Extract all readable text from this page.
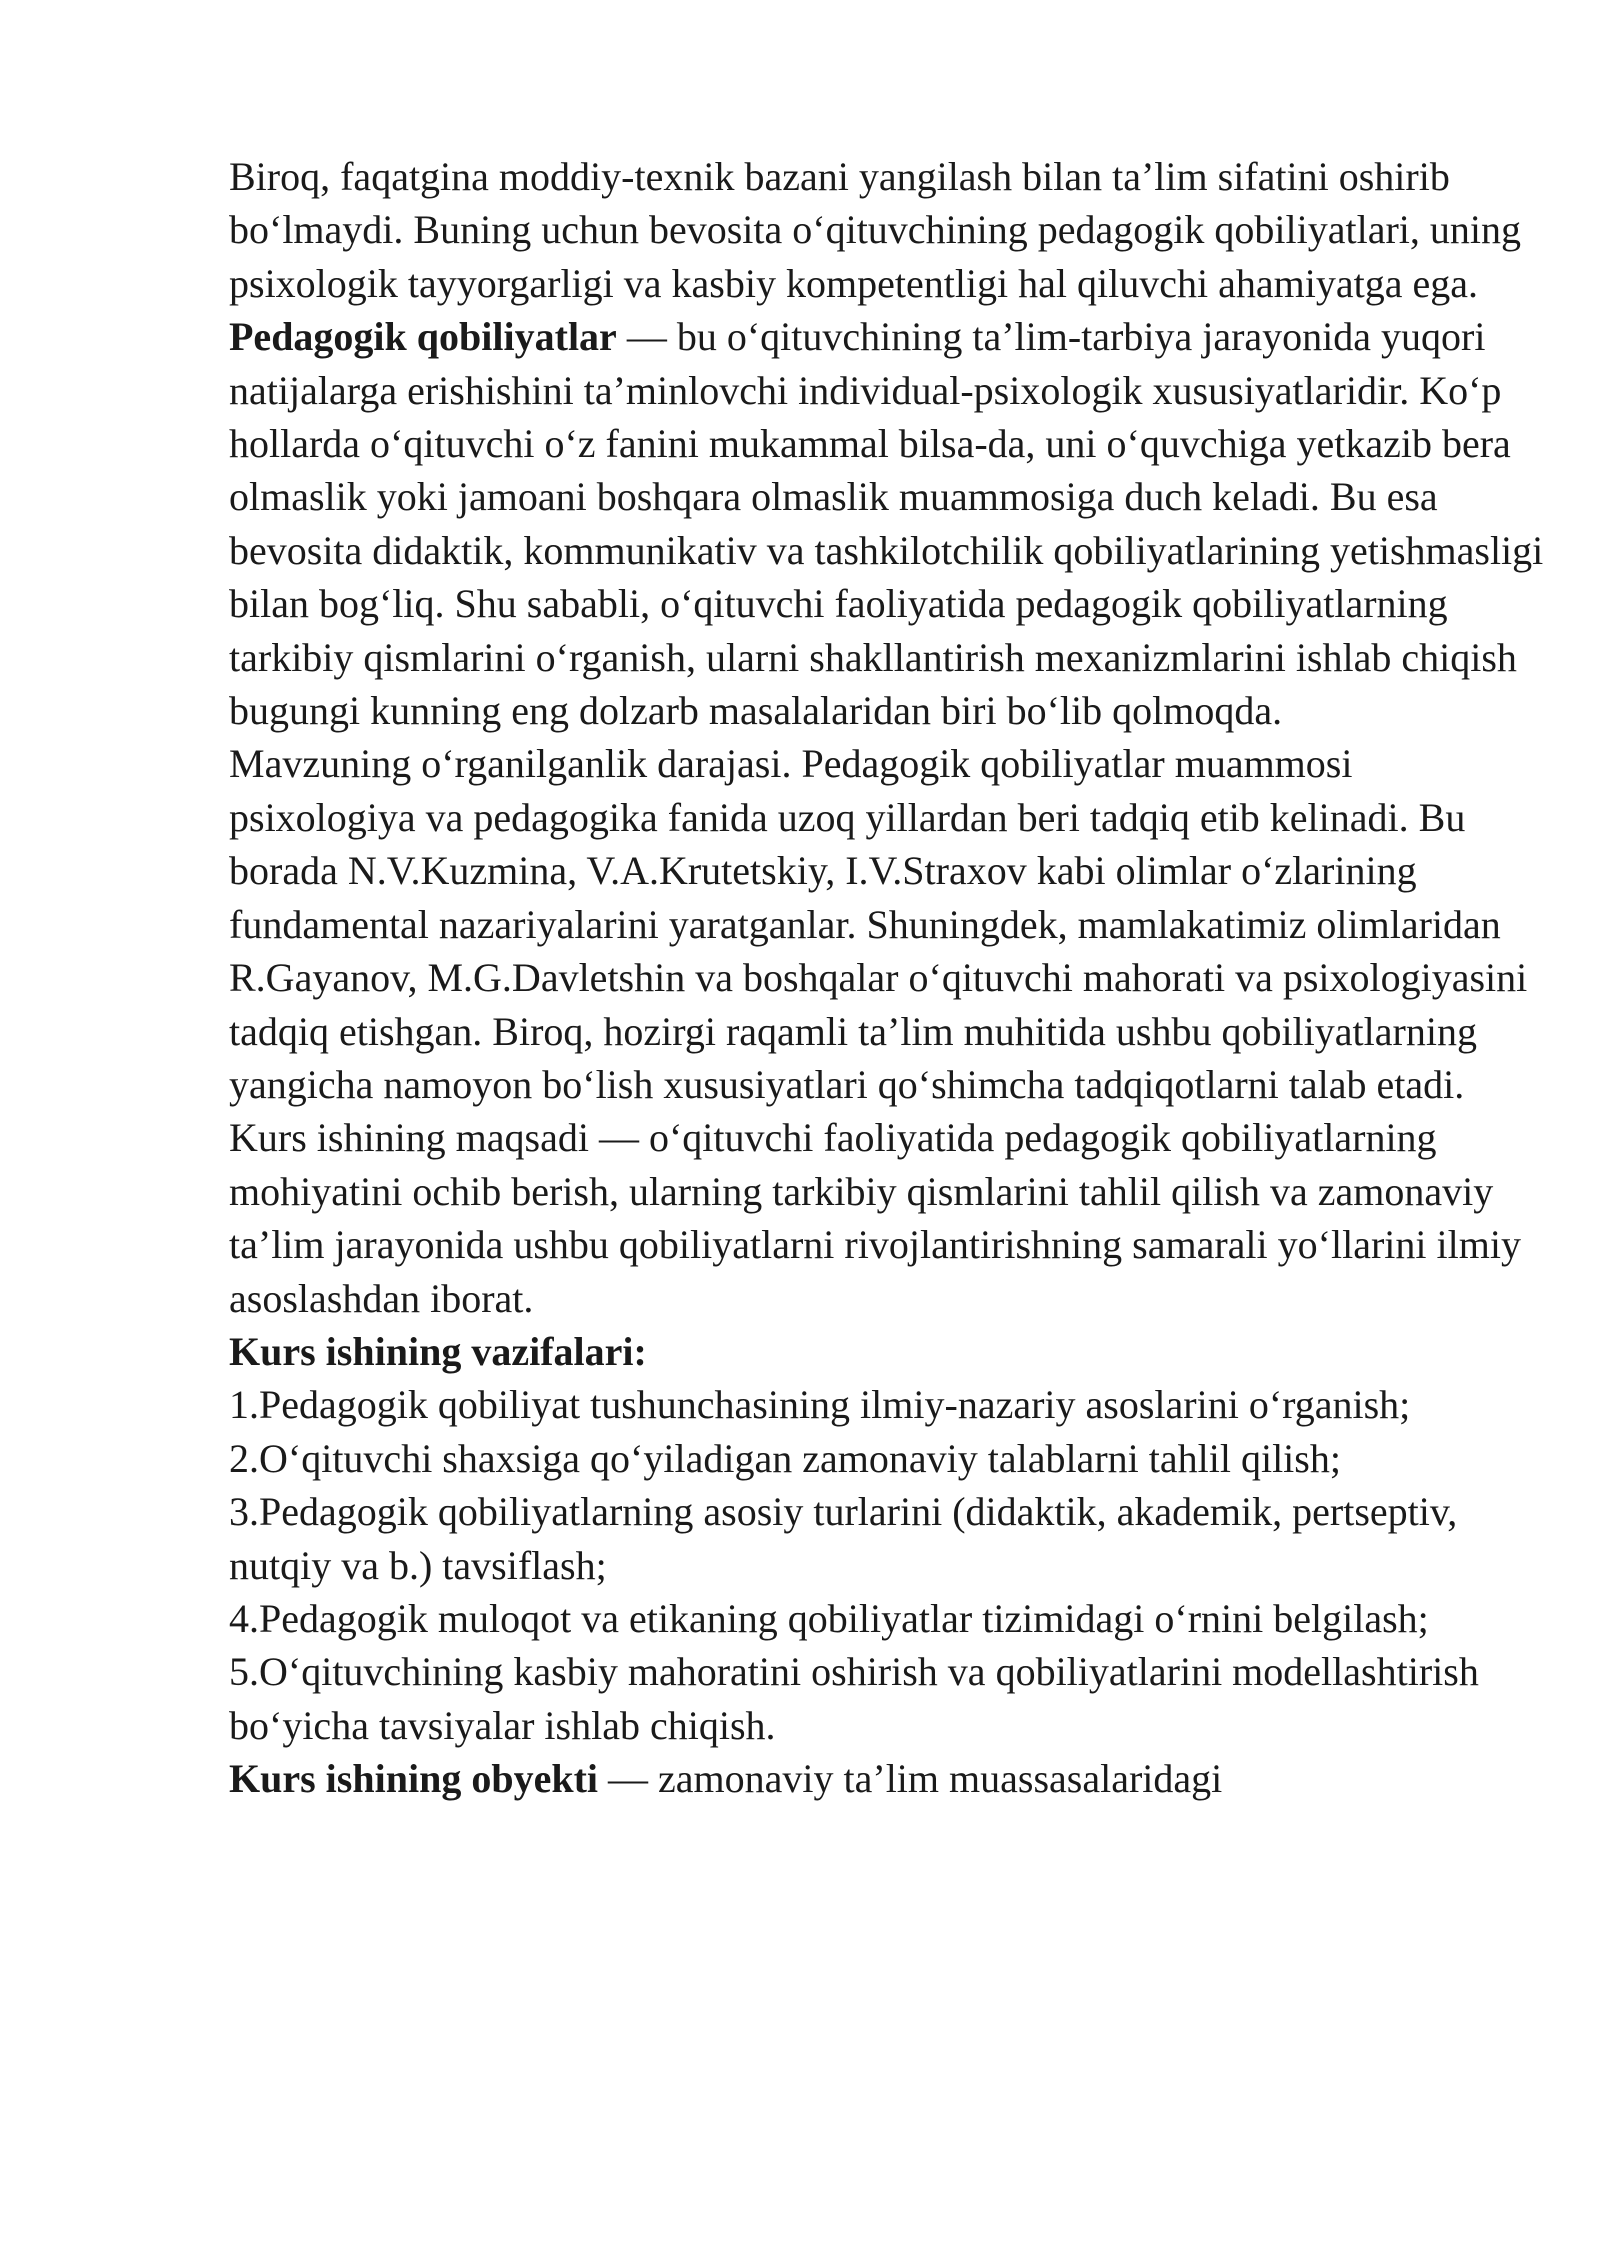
Biroq, faqatgina moddiy-texnik bazani yangilash bilan ta’lim sifatini oshirib bo‘lmaydi. Buning uchun bevosita o‘qituvchining pedagogik qobiliyatlari, uning psixologik tayyorgarligi va kasbiy kompetentligi hal qiluvchi ahamiyatga ega.

Pedagogik qobiliyatlar — bu o‘qituvchining ta’lim-tarbiya jarayonida yuqori natijalarga erishishini ta’minlovchi individual-psixologik xususiyatlaridir. Ko‘p hollarda o‘qituvchi o‘z fanini mukammal bilsa-da, uni o‘quvchiga yetkazib bera olmaslik yoki jamoani boshqara olmaslik muammosiga duch keladi. Bu esa bevosita didaktik, kommunikativ va tashkilotchilik qobiliyatlarining yetishmasligi bilan bog‘liq. Shu sababli, o‘qituvchi faoliyatida pedagogik qobiliyatlarning tarkibiy qismlarini o‘rganish, ularni shakllantirish mexanizmlarini ishlab chiqish bugungi kunning eng dolzarb masalalaridan biri bo‘lib qolmoqda.

Mavzuning o‘rganilganlik darajasi. Pedagogik qobiliyatlar muammosi psixologiya va pedagogika fanida uzoq yillardan beri tadqiq etib kelinadi. Bu borada N.V.Kuzmina, V.A.Krutetskiy, I.V.Straxov kabi olimlar o‘zlarining fundamental nazariyalarini yaratganlar. Shuningdek, mamlakatimiz olimlaridan R.Gayanov, M.G.Davletshin va boshqalar o‘qituvchi mahorati va psixologiyasini tadqiq etishgan. Biroq, hozirgi raqamli ta’lim muhitida ushbu qobiliyatlarning yangicha namoyon bo‘lish xususiyatlari qo‘shimcha tadqiqotlarni talab etadi.

Kurs ishining maqsadi — o‘qituvchi faoliyatida pedagogik qobiliyatlarning mohiyatini ochib berish, ularning tarkibiy qismlarini tahlil qilish va zamonaviy ta’lim jarayonida ushbu qobiliyatlarni rivojlantirishning samarali yo‘llarini ilmiy asoslashdan iborat.

Kurs ishining vazifalari:

1.Pedagogik qobiliyat tushunchasining ilmiy-nazariy asoslarini o‘rganish;

2.O‘qituvchi shaxsiga qo‘yiladigan zamonaviy talablarni tahlil qilish;

3.Pedagogik qobiliyatlarning asosiy turlarini (didaktik, akademik, pertseptiv, nutqiy va b.) tavsiflash;

4.Pedagogik muloqot va etikaning qobiliyatlar tizimidagi o‘rnini belgilash;

5.O‘qituvchining kasbiy mahoratini oshirish va qobiliyatlarini modellashtirish bo‘yicha tavsiyalar ishlab chiqish.

Kurs ishining obyekti — zamonaviy ta’lim muassasalaridagi
